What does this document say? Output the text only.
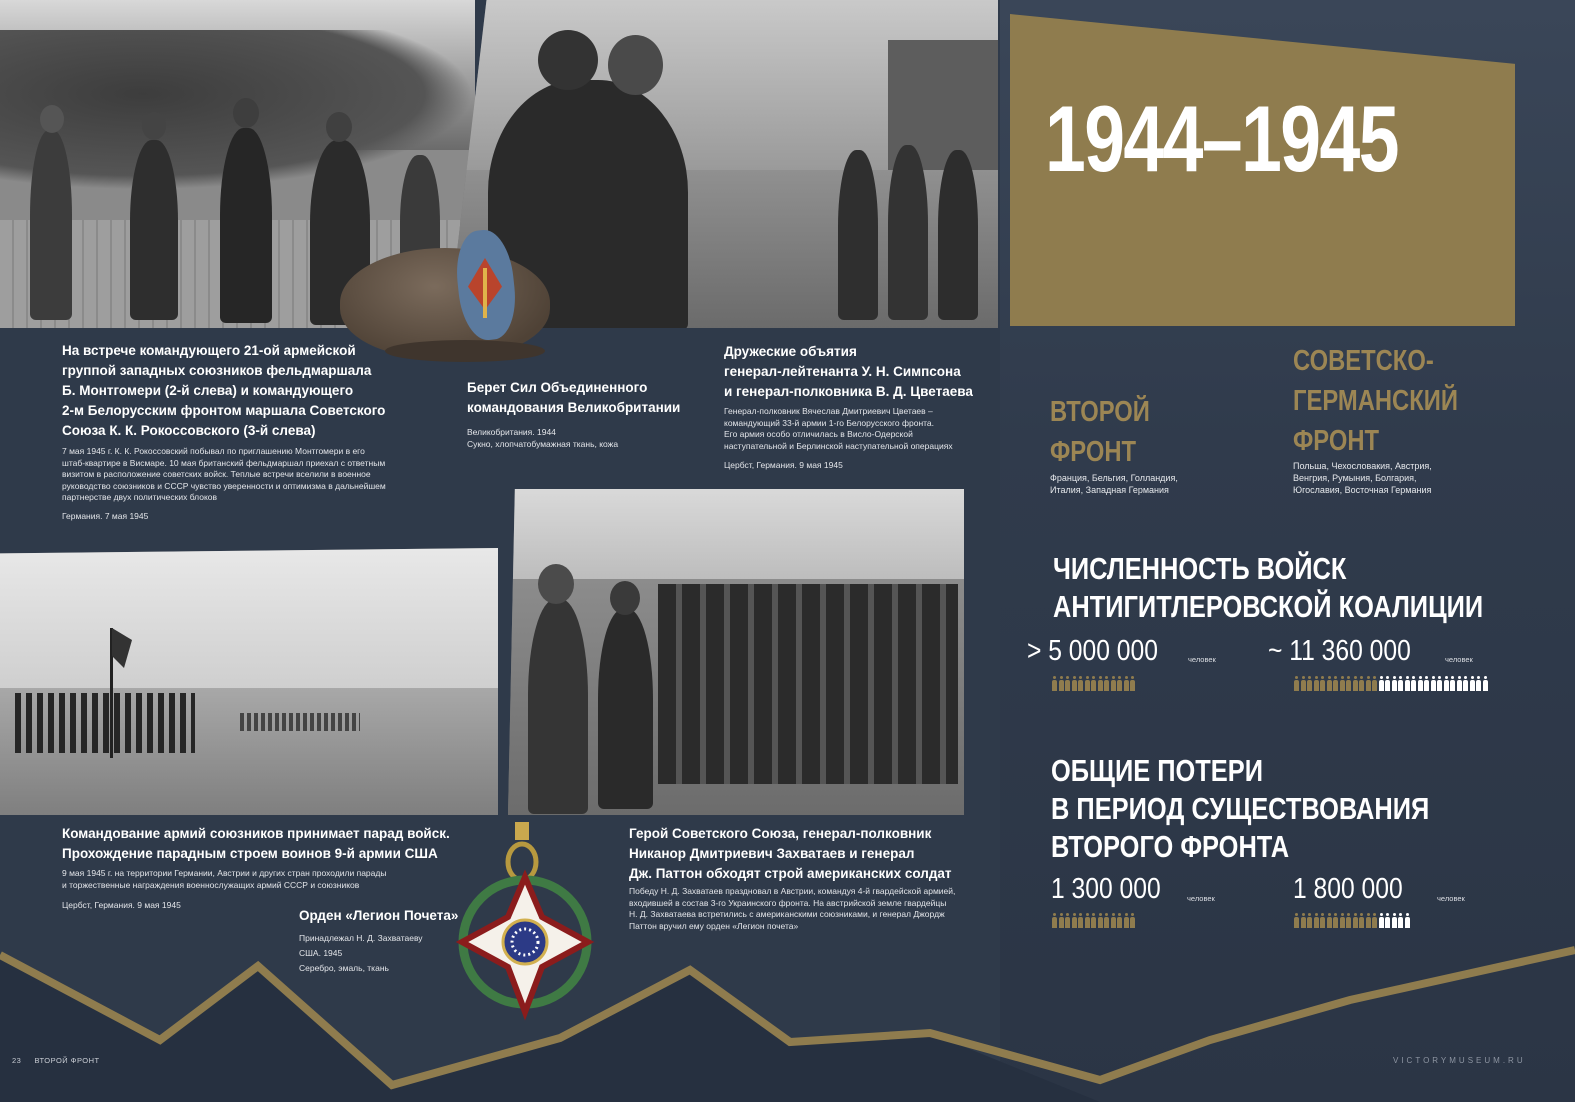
На встрече командующего 21-ой армейской
группой западных союзников фельдмаршала
Б. Монтгомери (2-й слева) и командующего
2-м Белорусским фронтом маршала Советского
Союза К. К. Рокоссовского (3-й слева)
7 мая 1945 г. К. К. Рокоссовский побывал по приглашению Монтгомери в его
штаб-квартире в Висмаре. 10 мая британский фельдмаршал приехал с ответным
визитом в расположение советских войск. Теплые встречи вселили в военное
руководство союзников и СССР чувство уверенности и оптимизма в дальнейшем
партнерстве двух политических блоков
Германия. 7 мая 1945
Берет Сил Объединенного
командования Великобритании
Великобритания. 1944
Сукно, хлопчатобумажная ткань, кожа
Дружеские объятия
генерал-лейтенанта У. Н. Симпсона
и генерал-полковника В. Д. Цветаева
Генерал-полковник Вячеслав Дмитриевич Цветаев –
командующий 33-й армии 1-го Белорусского фронта.
Его армия особо отличилась в Висло-Одерской
наступательной и Берлинской наступательной операциях
Цербст, Германия. 9 мая 1945
Командование армий союзников принимает парад войск.
Прохождение парадным строем воинов 9-й армии США
9 мая 1945 г. на территории Германии, Австрии и других стран проходили парады
и торжественные награждения военнослужащих армий СССР и союзников
Цербст, Германия. 9 мая 1945
Орден «Легион Почета»
Принадлежал Н. Д. Захватаеву
США. 1945
Серебро, эмаль, ткань
Герой Советского Союза, генерал-полковник
Никанор Дмитриевич Захватаев и генерал
Дж. Паттон обходят строй американских солдат
Победу Н. Д. Захватаев праздновал в Австрии, командуя 4-й гвардейской армией,
входившей в состав 3-го Украинского фронта. На австрийской земле гвардейцы
Н. Д. Захватаева встретились с американскими союзниками, и генерал Джордж
Паттон вручил ему орден «Легион почета»
1944–1945
ВТОРОЙ
ФРОНТ
Франция, Бельгия, Голландия,
Италия, Западная Германия
СОВЕТСКО-
ГЕРМАНСКИЙ
ФРОНТ
Польша, Чехословакия, Австрия,
Венгрия, Румыния, Болгария,
Югославия, Восточная Германия
ЧИСЛЕННОСТЬ ВОЙСК
АНТИГИТЛЕРОВСКОЙ КОАЛИЦИИ
> 5 000 000	человек ~ 11 360 000	человек
ОБЩИЕ ПОТЕРИ
В ПЕРИОД СУЩЕСТВОВАНИЯ
ВТОРОГО ФРОНТА
1 300 000	человек	1 800 000	человек
23 ВТОРОЙ ФРОНТ	VICTORYMUSEUM.RU
